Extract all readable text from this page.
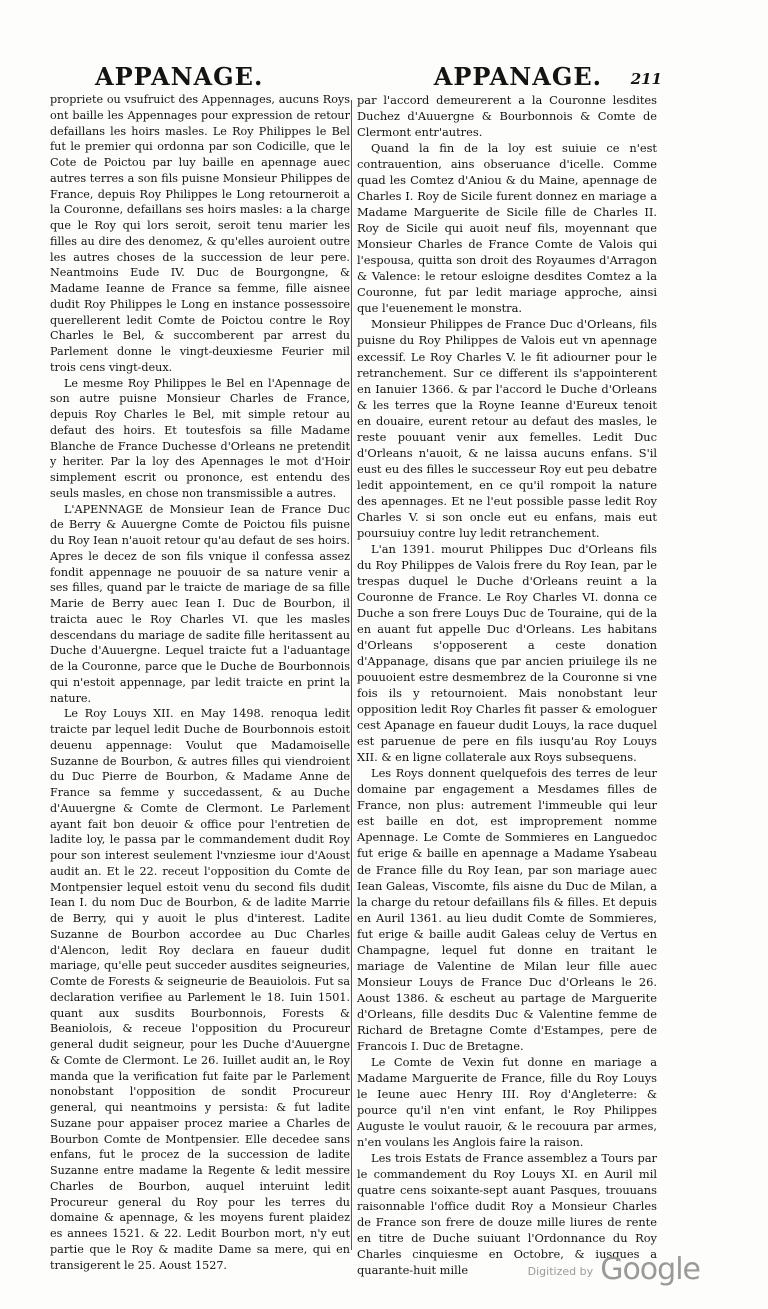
APPANAGE.	APPANAGE. 211

propriete ou vsufruict des Appennages, aucuns Roys ont baille les Appennages pour expression de retour defaillans les hoirs masles. Le Roy Philippes le Bel fut le premier qui ordonna par son Codicille, que le Cote de Poictou par luy baille en apennage auec autres terres a son fils puisne Monsieur Philippes de France, depuis Roy Philippes le Long retourneroit a la Couronne, defaillans ses hoirs masles: a la charge que le Roy qui lors seroit, seroit tenu marier les filles au dire des denomez, & qu'elles auroient outre les autres choses de la succession de leur pere. Neantmoins Eude IV. Duc de Bourgongne, & Madame Ieanne de France sa femme, fille aisnee dudit Roy Philippes le Long en instance possessoire querellerent ledit Comte de Poictou contre le Roy Charles le Bel, & succomberent par arrest du Parlement donne le vingt-deuxiesme Feurier mil trois cens vingt-deux.

Le mesme Roy Philippes le Bel en l'Apennage de son autre puisne Monsieur Charles de France, depuis Roy Charles le Bel, mit simple retour au defaut des hoirs. Et toutesfois sa fille Madame Blanche de France Duchesse d'Orleans ne pretendit y heriter. Par la loy des Apennages le mot d'Hoir simplement escrit ou prononce, est entendu des seuls masles, en chose non transmissible a autres.

L'APENNAGE de Monsieur Iean de France Duc de Berry & Auuergne Comte de Poictou fils puisne du Roy Iean n'auoit retour qu'au defaut de ses hoirs. Apres le decez de son fils vnique il confessa assez fondit appennage ne pouuoir de sa nature venir a ses filles, quand par le traicte de mariage de sa fille Marie de Berry auec Iean I. Duc de Bourbon, il traicta auec le Roy Charles VI. que les masles descendans du mariage de sadite fille heritassent au Duche d'Auuergne. Lequel traicte fut a l'aduantage de la Couronne, parce que le Duche de Bourbonnois qui n'estoit appennage, par ledit traicte en print la nature.

Le Roy Louys XII. en May 1498. renoqua ledit traicte par lequel ledit Duche de Bourbonnois estoit deuenu appennage: Voulut que Madamoiselle Suzanne de Bourbon, & autres filles qui viendroient du Duc Pierre de Bourbon, & Madame Anne de France sa femme y succedassent, & au Duche d'Auuergne & Comte de Clermont. Le Parlement ayant fait bon deuoir & office pour l'entretien de ladite loy, le passa par le commandement dudit Roy pour son interest seulement l'vnziesme iour d'Aoust audit an. Et le 22. receut l'opposition du Comte de Montpensier lequel estoit venu du second fils dudit Iean I. du nom Duc de Bourbon, & de ladite Marrie de Berry, qui y auoit le plus d'interest. Ladite Suzanne de Bourbon accordee au Duc Charles d'Alencon, ledit Roy declara en faueur dudit mariage, qu'elle peut succeder ausdites seigneuries, Comte de Forests & seigneurie de Beauiolois. Fut sa declaration verifiee au Parlement le 18. Iuin 1501. quant aux susdits Bourbonnois, Forests & Beaniolois, & receue l'opposition du Procureur general dudit seigneur, pour les Duche d'Auuergne & Comte de Clermont. Le 26. Iuillet audit an, le Roy manda que la verification fut faite par le Parlement nonobstant l'opposition de sondit Procureur general, qui neantmoins y persista: & fut ladite Suzane pour appaiser procez mariee a Charles de Bourbon Comte de Montpensier. Elle decedee sans enfans, fut le procez de la succession de ladite Suzanne entre madame la Regente & ledit messire Charles de Bourbon, auquel interuint ledit Procureur general du Roy pour les terres du domaine & apennage, & les moyens furent plaidez es annees 1521. & 22. Ledit Bourbon mort, n'y eut partie que le Roy & madite Dame sa mere, qui en transigerent le 25. Aoust 1527.

par l'accord demeurerent a la Couronne lesdites Duchez d'Auuergne & Bourbonnois & Comte de Clermont entr'autres.

Quand la fin de la loy est suiuie ce n'est contrauention, ains obseruance d'icelle. Comme quad les Comtez d'Aniou & du Maine, apennage de Charles I. Roy de Sicile furent donnez en mariage a Madame Marguerite de Sicile fille de Charles II. Roy de Sicile qui auoit neuf fils, moyennant que Monsieur Charles de France Comte de Valois qui l'espousa, quitta son droit des Royaumes d'Arragon & Valence: le retour esloigne desdites Comtez a la Couronne, fut par ledit mariage approche, ainsi que l'euenement le monstra.

Monsieur Philippes de France Duc d'Orleans, fils puisne du Roy Philippes de Valois eut vn apennage excessif. Le Roy Charles V. le fit adiourner pour le retranchement. Sur ce different ils s'appointerent en Ianuier 1366. & par l'accord le Duche d'Orleans & les terres que la Royne Ieanne d'Eureux tenoit en douaire, eurent retour au defaut des masles, le reste pouuant venir aux femelles. Ledit Duc d'Orleans n'auoit, & ne laissa aucuns enfans. S'il eust eu des filles le successeur Roy eut peu debatre ledit appointement, en ce qu'il rompoit la nature des apennages. Et ne l'eut possible passe ledit Roy Charles V. si son oncle eut eu enfans, mais eut poursuiuy contre luy ledit retranchement.

L'an 1391. mourut Philippes Duc d'Orleans fils du Roy Philippes de Valois frere du Roy Iean, par le trespas duquel le Duche d'Orleans reuint a la Couronne de France. Le Roy Charles VI. donna ce Duche a son frere Louys Duc de Touraine, qui de la en auant fut appelle Duc d'Orleans. Les habitans d'Orleans s'opposerent a ceste donation d'Appanage, disans que par ancien priuilege ils ne pouuoient estre desmembrez de la Couronne si vne fois ils y retournoient. Mais nonobstant leur opposition ledit Roy Charles fit passer & emologuer cest Apanage en faueur dudit Louys, la race duquel est paruenue de pere en fils iusqu'au Roy Louys XII. & en ligne collaterale aux Roys subsequens.

Les Roys donnent quelquefois des terres de leur domaine par engagement a Mesdames filles de France, non plus: autrement l'immeuble qui leur est baille en dot, est improprement nomme Apennage. Le Comte de Sommieres en Languedoc fut erige & baille en apennage a Madame Ysabeau de France fille du Roy Iean, par son mariage auec Iean Galeas, Viscomte, fils aisne du Duc de Milan, a la charge du retour defaillans fils & filles. Et depuis en Auril 1361. au lieu dudit Comte de Sommieres, fut erige & baille audit Galeas celuy de Vertus en Champagne, lequel fut donne en traitant le mariage de Valentine de Milan leur fille auec Monsieur Louys de France Duc d'Orleans le 26. Aoust 1386. & escheut au partage de Marguerite d'Orleans, fille desdits Duc & Valentine femme de Richard de Bretagne Comte d'Estampes, pere de Francois I. Duc de Bretagne.

Le Comte de Vexin fut donne en mariage a Madame Marguerite de France, fille du Roy Louys le Ieune auec Henry III. Roy d'Angleterre: & pource qu'il n'en vint enfant, le Roy Philippes Auguste le voulut rauoir, & le recouura par armes, n'en voulans les Anglois faire la raison.

Les trois Estats de France assemblez a Tours par le commandement du Roy Louys XI. en Auril mil quatre cens soixante-sept auant Pasques, trouuans raisonnable l'office dudit Roy a Monsieur Charles de France son frere de douze mille liures de rente en titre de Duche suiuant l'Ordonnance du Roy Charles cinquiesme en Octobre, & iusques a quarante-huit mille	$^{Digitized by}$ Google
